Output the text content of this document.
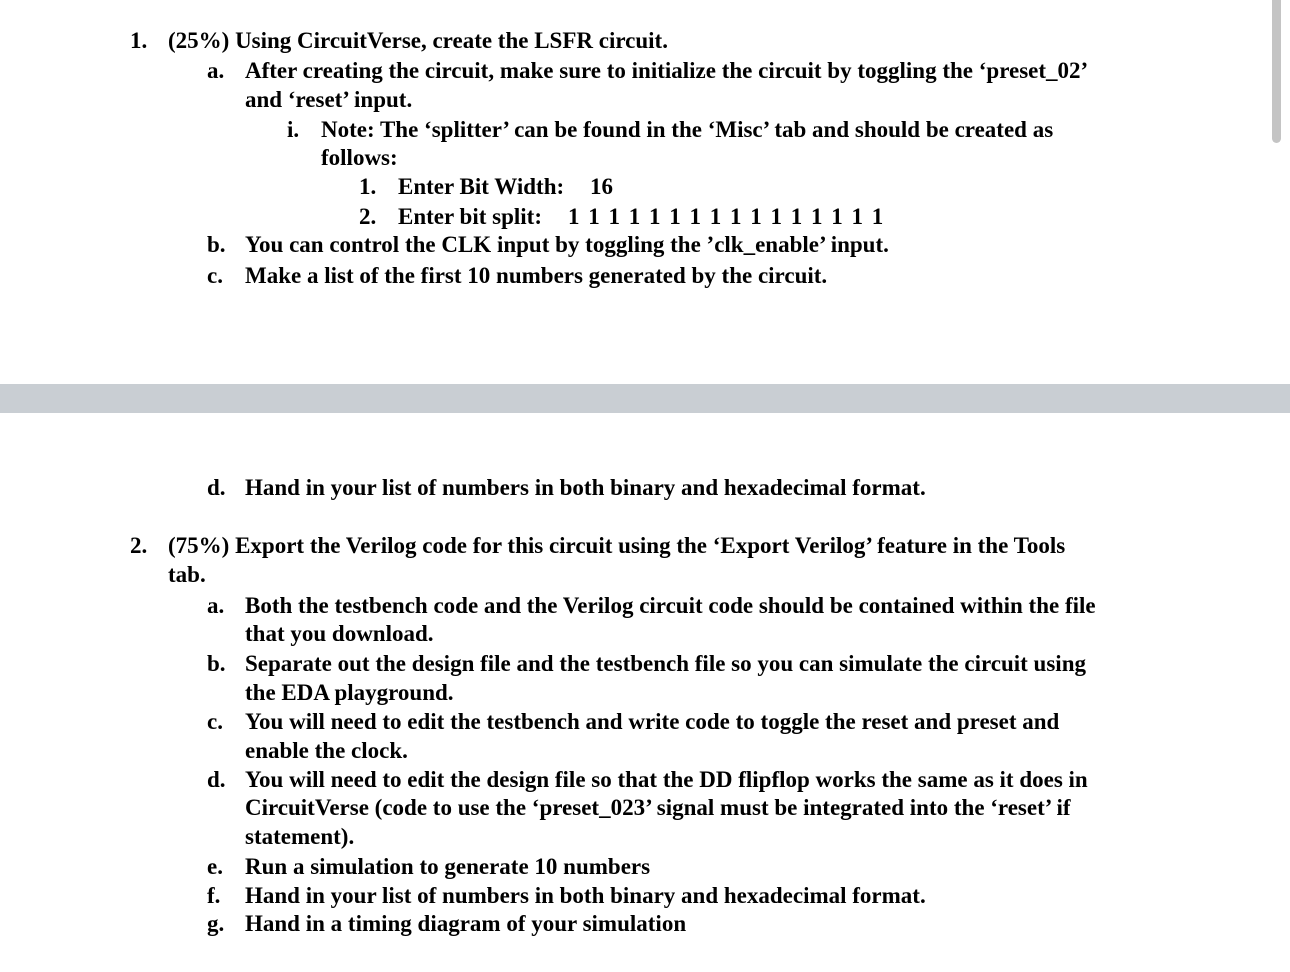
1. (25%) Using CircuitVerse, create the LSFR circuit.
a. After creating the circuit, make sure to initialize the circuit by toggling the ‘preset_02’
and ‘reset’ input.
i. Note: The ‘splitter’ can be found in the ‘Misc’ tab and should be created as
follows:
1. Enter Bit Width: 16
2. Enter bit split: 1 1 1 1 1 1 1 1 1 1 1 1 1 1 1 1
b. You can control the CLK input by toggling the ’clk_enable’ input.
c. Make a list of the first 10 numbers generated by the circuit.
d. Hand in your list of numbers in both binary and hexadecimal format.
2. (75%) Export the Verilog code for this circuit using the ‘Export Verilog’ feature in the Tools
tab.
a. Both the testbench code and the Verilog circuit code should be contained within the file
that you download.
b. Separate out the design file and the testbench file so you can simulate the circuit using
the EDA playground.
c. You will need to edit the testbench and write code to toggle the reset and preset and
enable the clock.
d. You will need to edit the design file so that the DD flipflop works the same as it does in
CircuitVerse (code to use the ‘preset_023’ signal must be integrated into the ‘reset’ if
statement).
e. Run a simulation to generate 10 numbers
f. Hand in your list of numbers in both binary and hexadecimal format.
g. Hand in a timing diagram of your simulation
